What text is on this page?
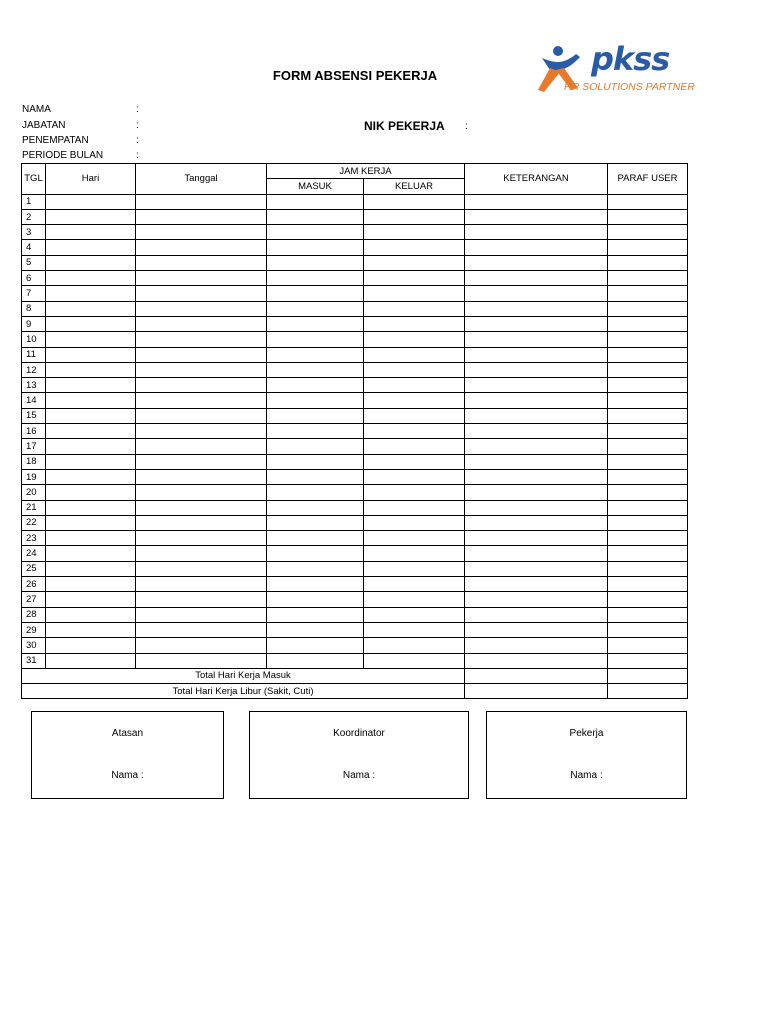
FORM ABSENSI PEKERJA	pkss
HR SOLUTIONS PARTNER
NAMA	:
JABATAN	:
PENEMPATAN	:
PERIODE BULAN	:
NIK PEKERJA :
TGL	Hari	Tanggal	JAM KERJA		KETERANGAN	PARAF USER
			MASUK	KELUAR		
1						
2						
3						
4						
5						
6						
7						
8						
9						
10						
11						
12						
13						
14						
15						
16						
17						
18						
19						
20						
21						
22						
23						
24						
25						
26						
27						
28						
29						
30						
31						
Total Hari Kerja Masuk						
Total Hari Kerja Libur (Sakit, Cuti)						
Atasan
Nama :
Koordinator
Nama :
Pekerja
Nama :
